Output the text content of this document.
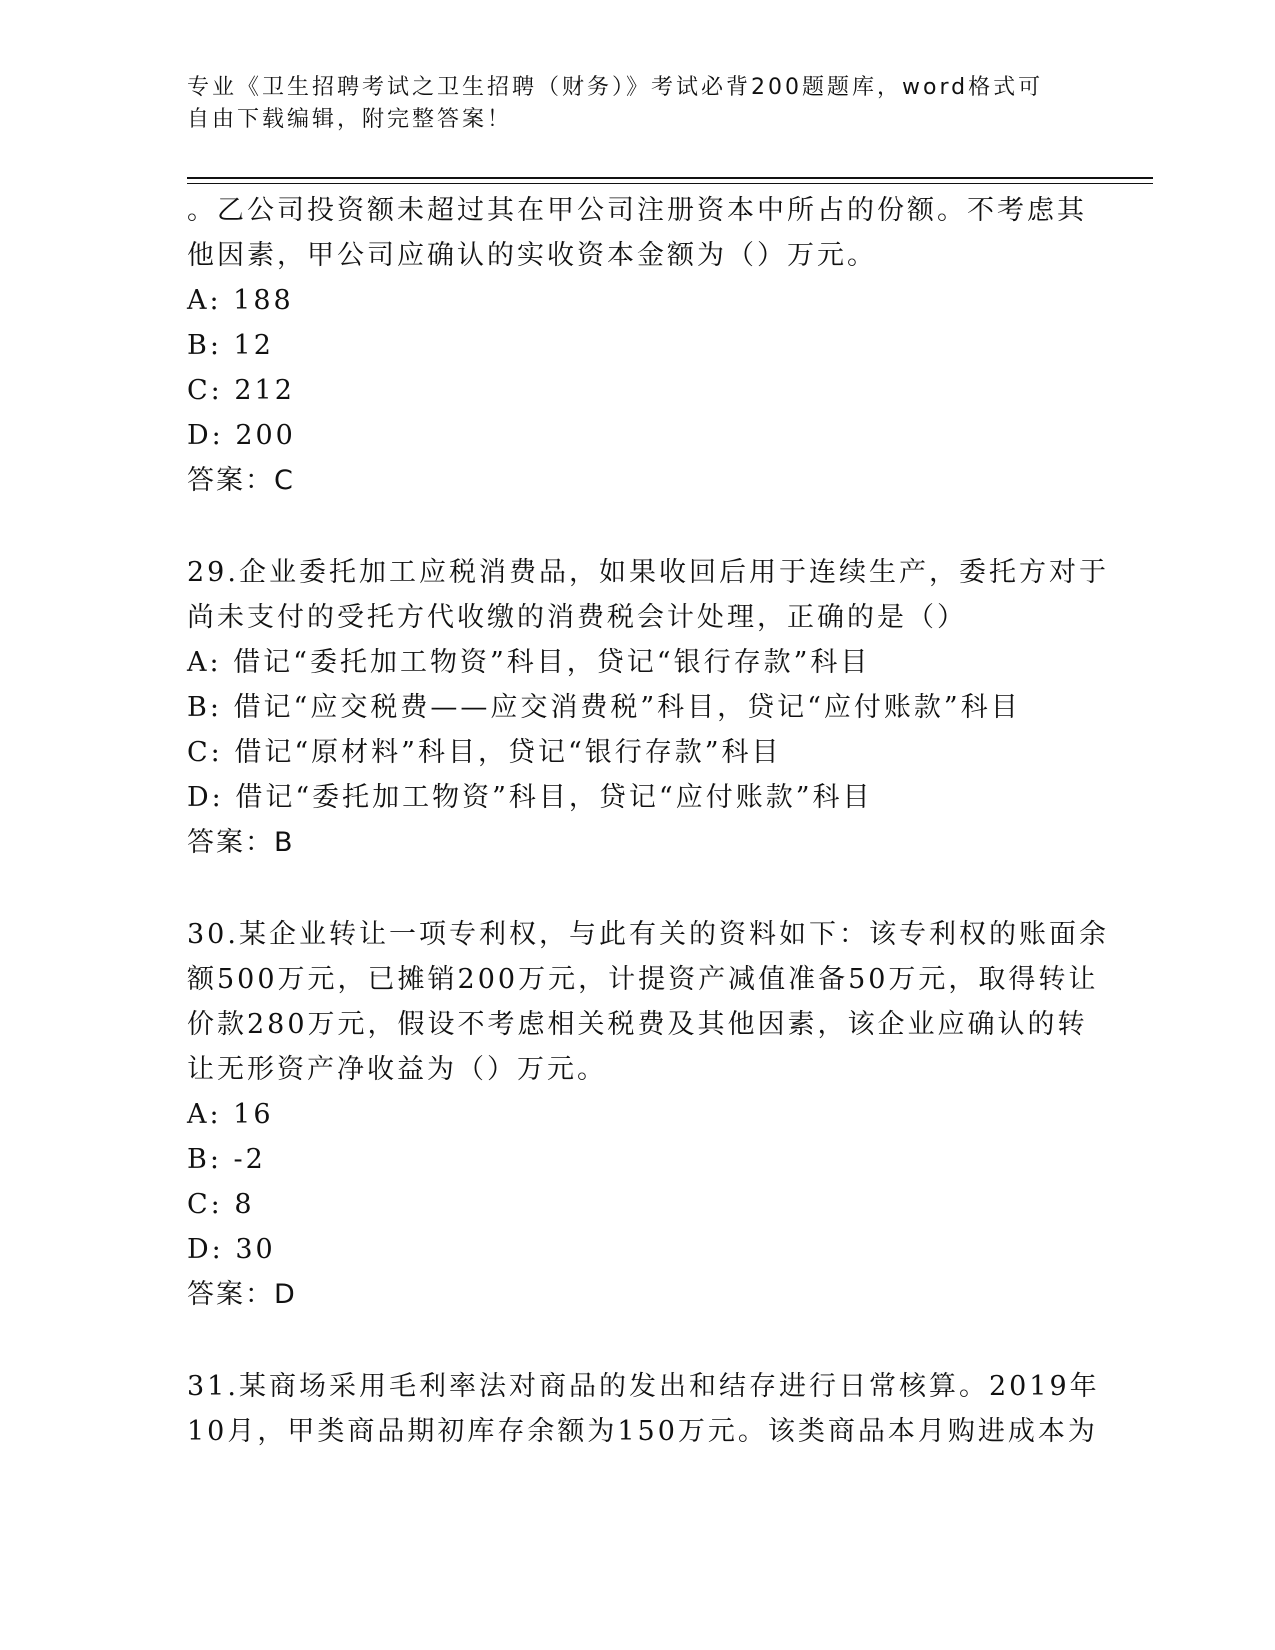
专业《卫生招聘考试之卫生招聘（财务）》考试必背200题题库，word格式可自由下载编辑，附完整答案！
。乙公司投资额未超过其在甲公司注册资本中所占的份额。不考虑其
他因素，甲公司应确认的实收资本金额为（）万元。
A: 188
B: 12
C: 212
D: 200
答案：C
29.企业委托加工应税消费品，如果收回后用于连续生产，委托方对于
尚未支付的受托方代收缴的消费税会计处理，正确的是（）
A: 借记“委托加工物资”科目，贷记“银行存款”科目
B: 借记“应交税费——应交消费税”科目，贷记“应付账款”科目
C: 借记“原材料”科目，贷记“银行存款”科目
D: 借记“委托加工物资”科目，贷记“应付账款”科目
答案：B
30.某企业转让一项专利权，与此有关的资料如下：该专利权的账面余
额500万元，已摊销200万元，计提资产减值准备50万元，取得转让
价款280万元，假设不考虑相关税费及其他因素，该企业应确认的转
让无形资产净收益为（）万元。
A: 16
B: -2
C: 8
D: 30
答案：D
31.某商场采用毛利率法对商品的发出和结存进行日常核算。2019年
10月，甲类商品期初库存余额为150万元。该类商品本月购进成本为
